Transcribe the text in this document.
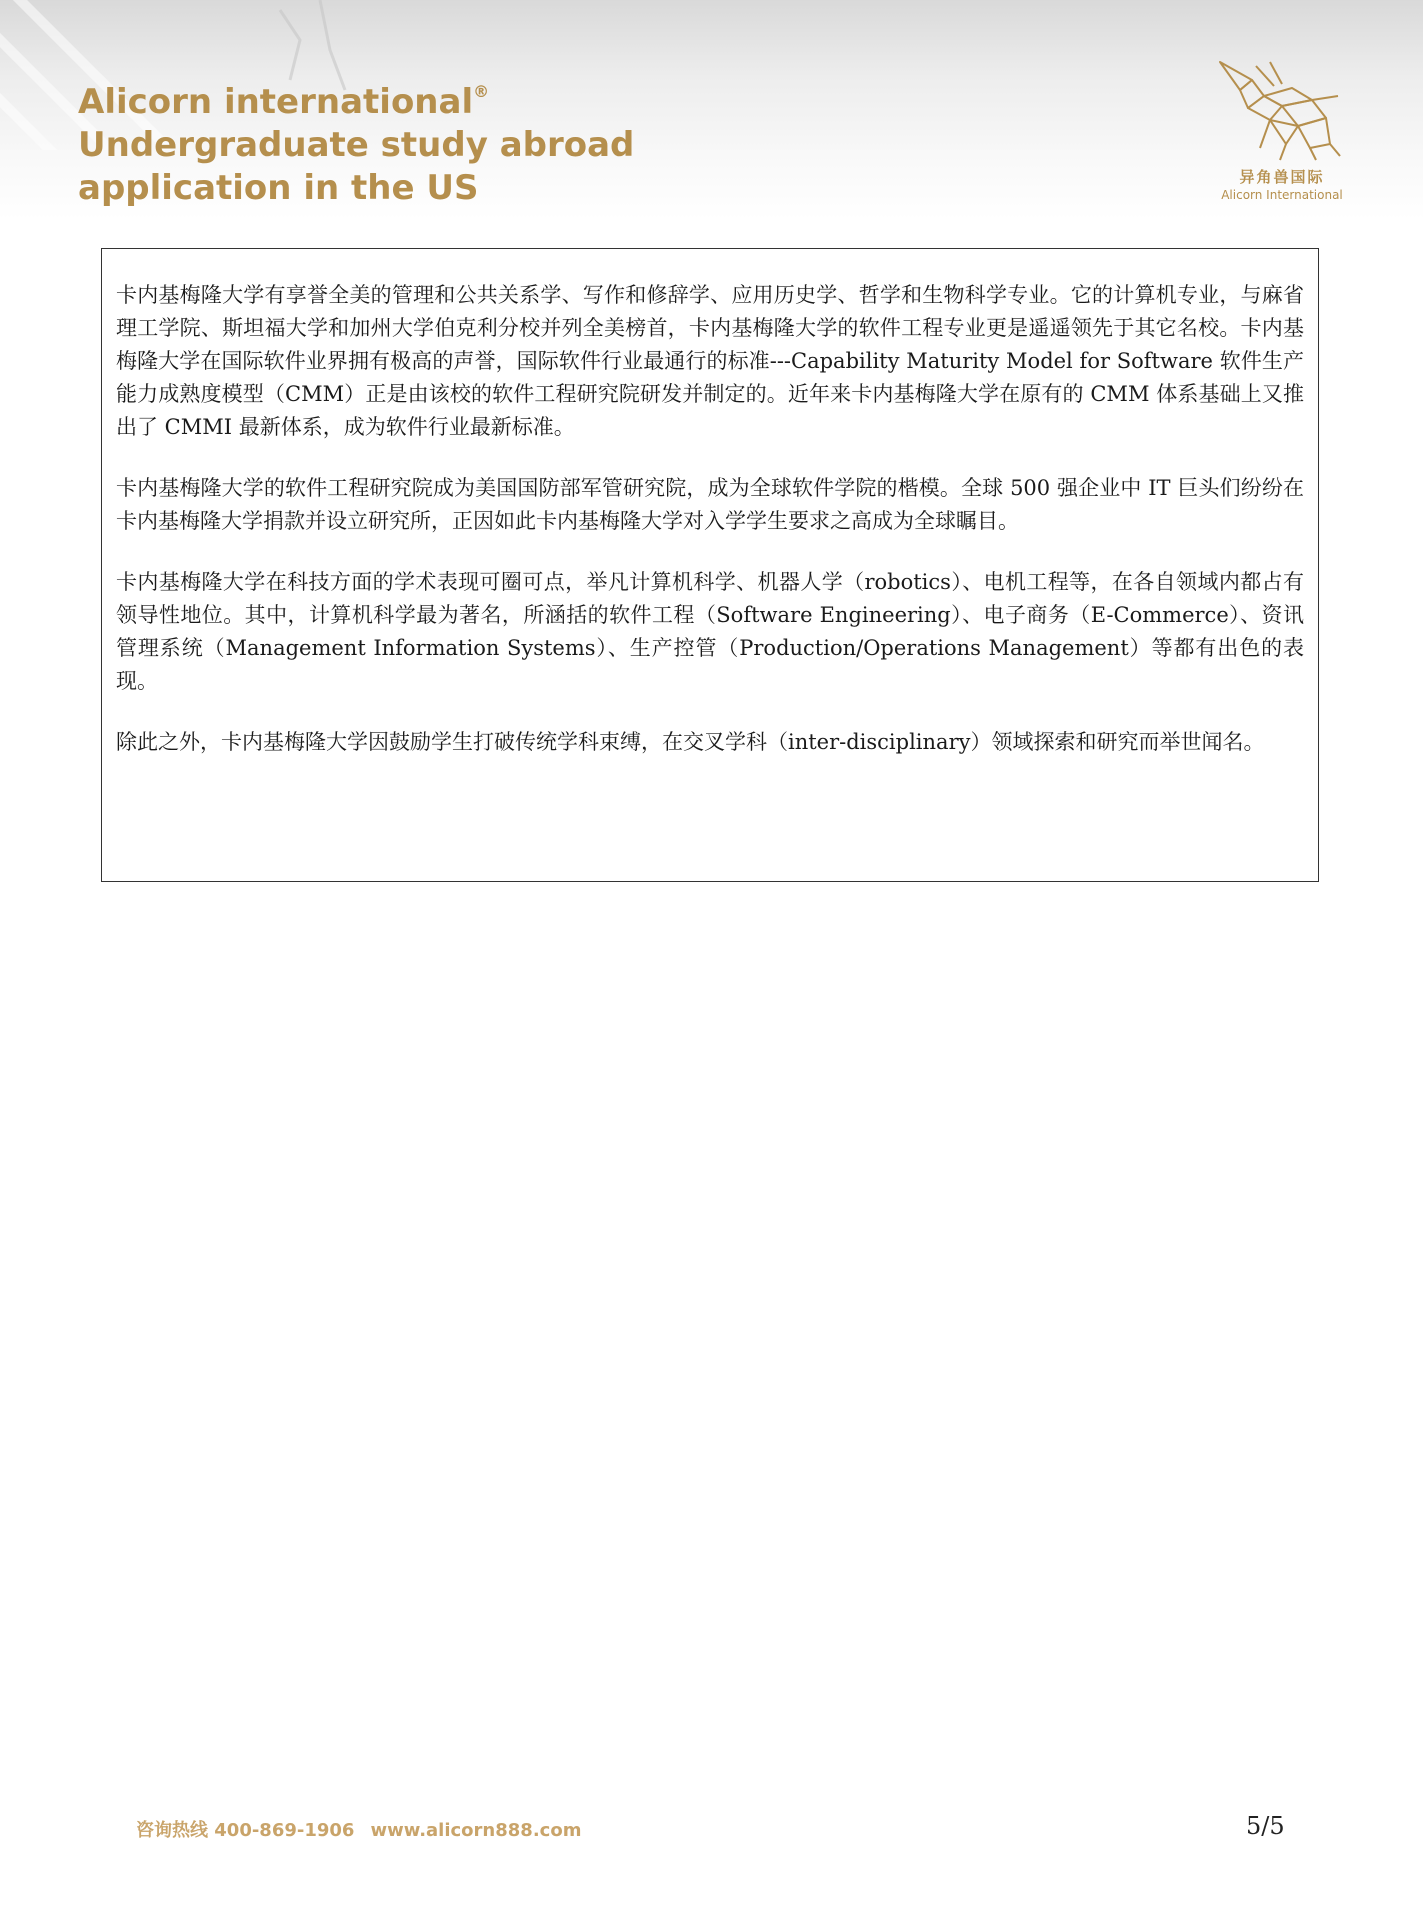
Alicorn international®
Undergraduate study abroad
application in the US	异角兽国际
Alicorn International

卡内基梅隆大学有享誉全美的管理和公共关系学、写作和修辞学、应用历史学、哲学和生物科学专业。它的计算机专业，与麻省理工学院、斯坦福大学和加州大学伯克利分校并列全美榜首，卡内基梅隆大学的软件工程专业更是遥遥领先于其它名校。卡内基梅隆大学在国际软件业界拥有极高的声誉，国际软件行业最通行的标准---Capability Maturity Model for Software 软件生产能力成熟度模型（CMM）正是由该校的软件工程研究院研发并制定的。近年来卡内基梅隆大学在原有的 CMM 体系基础上又推出了 CMMI 最新体系，成为软件行业最新标准。

卡内基梅隆大学的软件工程研究院成为美国国防部军管研究院，成为全球软件学院的楷模。全球 500 强企业中 IT 巨头们纷纷在卡内基梅隆大学捐款并设立研究所，正因如此卡内基梅隆大学对入学学生要求之高成为全球瞩目。

卡内基梅隆大学在科技方面的学术表现可圈可点，举凡计算机科学、机器人学（robotics）、电机工程等，在各自领域内都占有领导性地位。其中，计算机科学最为著名，所涵括的软件工程（Software Engineering）、电子商务（E-Commerce）、资讯管理系统（Management Information Systems）、生产控管（Production/Operations Management）等都有出色的表现。

除此之外，卡内基梅隆大学因鼓励学生打破传统学科束缚，在交叉学科（inter-disciplinary）领域探索和研究而举世闻名。

咨询热线 400-869-1906 www.alicorn888.com	5/5
